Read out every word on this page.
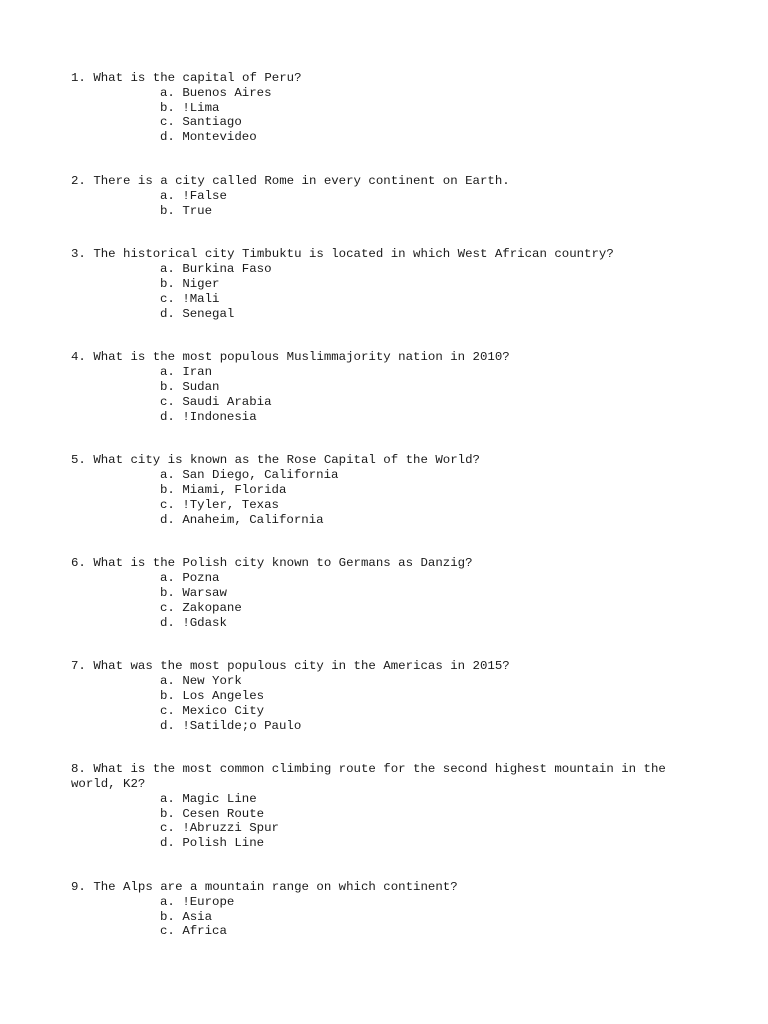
1. What is the capital of Peru?
a. Buenos Aires
b. !Lima
c. Santiago
d. Montevideo
2. There is a city called Rome in every continent on Earth.
a. !False
b. True
3. The historical city Timbuktu is located in which West African country?
a. Burkina Faso
b. Niger
c. !Mali
d. Senegal
4. What is the most populous Muslimmajority nation in 2010?
a. Iran
b. Sudan
c. Saudi Arabia
d. !Indonesia
5. What city is known as the Rose Capital of the World?
a. San Diego, California
b. Miami, Florida
c. !Tyler, Texas
d. Anaheim, California
6. What is the Polish city known to Germans as Danzig?
a. Pozna
b. Warsaw
c. Zakopane
d. !Gdask
7. What was the most populous city in the Americas in 2015?
a. New York
b. Los Angeles
c. Mexico City
d. !Satilde;o Paulo
8. What is the most common climbing route for the second highest mountain in the world, K2?
a. Magic Line
b. Cesen Route
c. !Abruzzi Spur
d. Polish Line
9. The Alps are a mountain range on which continent?
a. !Europe
b. Asia
c. Africa
